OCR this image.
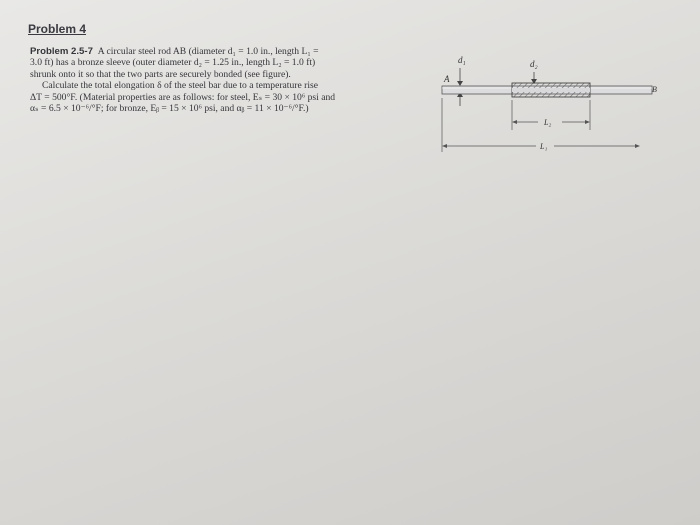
Problem 4
Problem 2.5-7 A circular steel rod AB (diameter d₁ = 1.0 in., length L₁ =
3.0 ft) has a bronze sleeve (outer diameter d₂ = 1.25 in., length L₂ = 1.0 ft)
shrunk onto it so that the two parts are securely bonded (see figure).
Calculate the total elongation δ of the steel bar due to a temperature rise
ΔT = 500°F. (Material properties are as follows: for steel, Eₛ = 30 × 10⁶ psi and
αₛ = 6.5 × 10⁻⁶/°F; for bronze, Eᵦ = 15 × 10⁶ psi, and αᵦ = 11 × 10⁻⁶/°F.)
d₁	d₂
A
B
L₂
L₁
